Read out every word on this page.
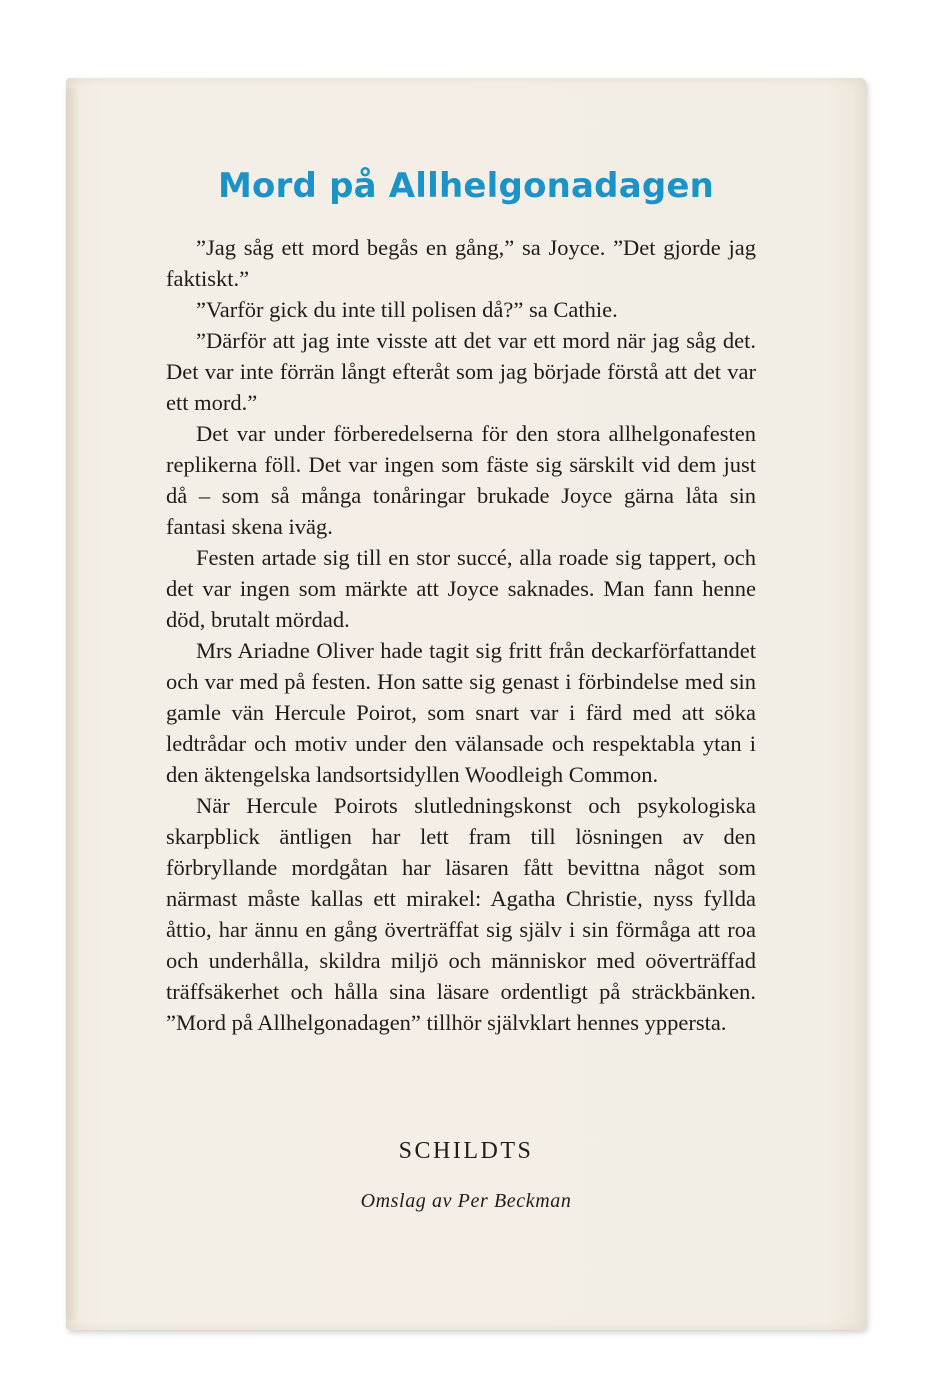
Mord på Allhelgonadagen

”Jag såg ett mord begås en gång,” sa Joyce. ”Det gjorde jag faktiskt.”

”Varför gick du inte till polisen då?” sa Cathie.

”Därför att jag inte visste att det var ett mord när jag såg det. Det var inte förrän långt efteråt som jag började förstå att det var ett mord.”

Det var under förberedelserna för den stora allhelgonafesten replikerna föll. Det var ingen som fäste sig särskilt vid dem just då – som så många tonåringar brukade Joyce gärna låta sin fantasi skena iväg.

Festen artade sig till en stor succé, alla roade sig tappert, och det var ingen som märkte att Joyce saknades. Man fann henne död, brutalt mördad.

Mrs Ariadne Oliver hade tagit sig fritt från deckarförfattandet och var med på festen. Hon satte sig genast i förbindelse med sin gamle vän Hercule Poirot, som snart var i färd med att söka ledtrådar och motiv under den välansade och respektabla ytan i den äktengelska landsortsidyllen Woodleigh Common.

När Hercule Poirots slutledningskonst och psykologiska skarpblick äntligen har lett fram till lösningen av den förbryllande mordgåtan har läsaren fått bevittna något som närmast måste kallas ett mirakel: Agatha Christie, nyss fyllda åttio, har ännu en gång överträffat sig själv i sin förmåga att roa och underhålla, skildra miljö och människor med oöverträffad träffsäkerhet och hålla sina läsare ordentligt på sträckbänken. ”Mord på Allhelgonadagen” tillhör självklart hennes yppersta.

SCHILDTS
Omslag av Per Beckman
